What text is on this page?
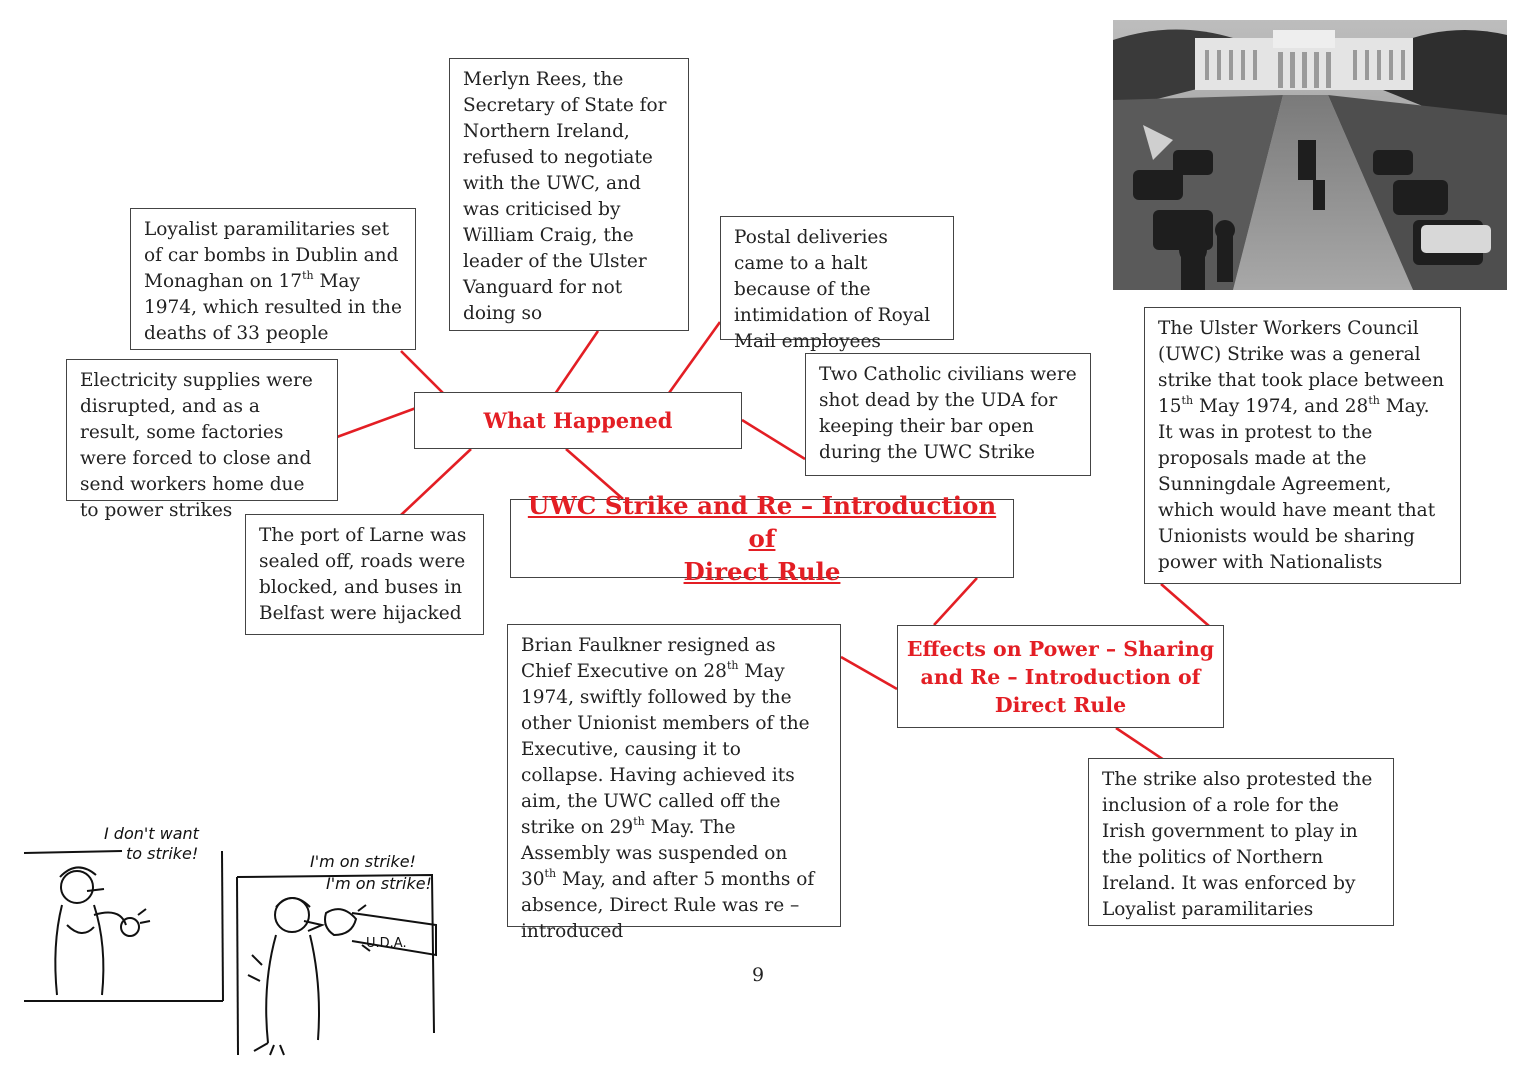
Loyalist paramilitaries set of car bombs in Dublin and Monaghan on 17th May 1974, which resulted in the deaths of 33 people
Merlyn Rees, the Secretary of State for Northern Ireland, refused to negotiate with the UWC, and was criticised by William Craig, the leader of the Ulster Vanguard for not doing so
Postal deliveries came to a halt because of the intimidation of Royal Mail employees
Electricity supplies were disrupted, and as a result, some factories were forced to close and send workers home due to power strikes
What Happened
Two Catholic civilians were shot dead by the UDA for keeping their bar open during the UWC Strike
The port of Larne was sealed off, roads were blocked, and buses in Belfast were hijacked
UWC Strike and Re – Introduction of
Direct Rule
The Ulster Workers Council (UWC) Strike was a general strike that took place between 15th May 1974, and 28th May. It was in protest to the proposals made at the Sunningdale Agreement, which would have meant that Unionists would be sharing power with Nationalists
Brian Faulkner resigned as Chief Executive on 28th May 1974, swiftly followed by the other Unionist members of the Executive, causing it to collapse. Having achieved its aim, the UWC called off the strike on 29th May. The Assembly was suspended on 30th May, and after 5 months of absence, Direct Rule was re – introduced
Effects on Power – Sharing
and Re – Introduction of
Direct Rule
The strike also protested the inclusion of a role for the Irish government to play in the politics of Northern Ireland. It was enforced by Loyalist paramilitaries
I don't want
to strike!	I'm on strike!
I'm on strike!
U.D.A.
9
